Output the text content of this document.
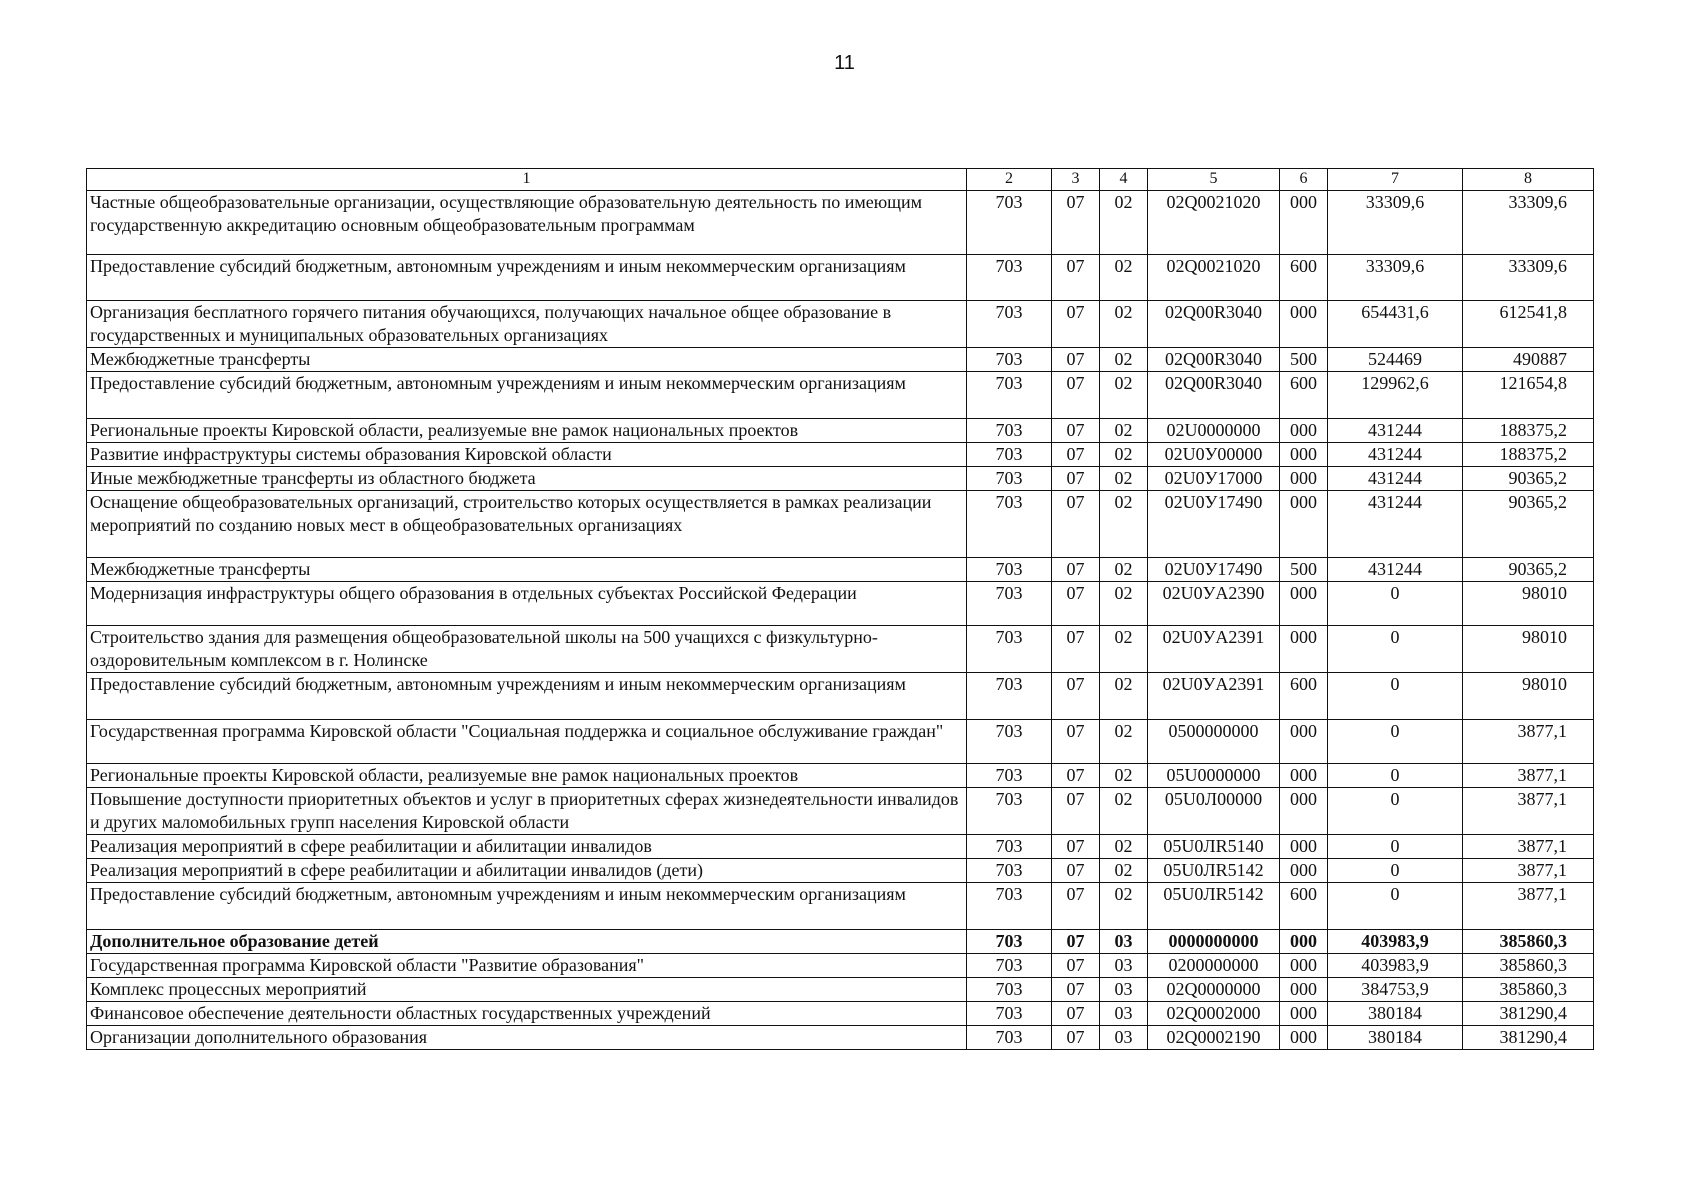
11
1	2	3	4	5	6	7	8
Частные общеобразовательные организации, осуществляющие образовательную деятельность по имеющим государственную аккредитацию основным общеобразовательным программам	703	07	02	02Q0021020	000	33309,6	33309,6
Предоставление субсидий бюджетным, автономным учреждениям и иным некоммерческим организациям	703	07	02	02Q0021020	600	33309,6	33309,6
Организация бесплатного горячего питания обучающихся, получающих начальное общее образование в государственных и муниципальных образовательных организациях	703	07	02	02Q00R3040	000	654431,6	612541,8
Межбюджетные трансферты	703	07	02	02Q00R3040	500	524469	490887
Предоставление субсидий бюджетным, автономным учреждениям и иным некоммерческим организациям	703	07	02	02Q00R3040	600	129962,6	121654,8
Региональные проекты Кировской области, реализуемые вне рамок национальных проектов	703	07	02	02U0000000	000	431244	188375,2
Развитие инфраструктуры системы образования Кировской области	703	07	02	02U0У00000	000	431244	188375,2
Иные межбюджетные трансферты из областного бюджета	703	07	02	02U0У17000	000	431244	90365,2
Оснащение общеобразовательных организаций, строительство которых осуществляется в рамках реализации мероприятий по созданию новых мест в общеобразовательных организациях	703	07	02	02U0У17490	000	431244	90365,2
Межбюджетные трансферты	703	07	02	02U0У17490	500	431244	90365,2
Модернизация инфраструктуры общего образования в отдельных субъектах Российской Федерации	703	07	02	02U0УA2390	000	0	98010
Строительство здания для размещения общеобразовательной школы на 500 учащихся с физкультурно-оздоровительным комплексом в г. Нолинске	703	07	02	02U0УA2391	000	0	98010
Предоставление субсидий бюджетным, автономным учреждениям и иным некоммерческим организациям	703	07	02	02U0УA2391	600	0	98010
Государственная программа Кировской области "Социальная поддержка и социальное обслуживание граждан"	703	07	02	0500000000	000	0	3877,1
Региональные проекты Кировской области, реализуемые вне рамок национальных проектов	703	07	02	05U0000000	000	0	3877,1
Повышение доступности приоритетных объектов и услуг в приоритетных сферах жизнедеятельности инвалидов и других маломобильных групп населения Кировской области	703	07	02	05U0Л00000	000	0	3877,1
Реализация мероприятий в сфере реабилитации и абилитации инвалидов	703	07	02	05U0ЛR5140	000	0	3877,1
Реализация мероприятий в сфере реабилитации и абилитации инвалидов (дети)	703	07	02	05U0ЛR5142	000	0	3877,1
Предоставление субсидий бюджетным, автономным учреждениям и иным некоммерческим организациям	703	07	02	05U0ЛR5142	600	0	3877,1
Дополнительное образование детей	703	07	03	0000000000	000	403983,9	385860,3
Государственная программа Кировской области "Развитие образования"	703	07	03	0200000000	000	403983,9	385860,3
Комплекс процессных мероприятий	703	07	03	02Q0000000	000	384753,9	385860,3
Финансовое обеспечение деятельности областных государственных учреждений	703	07	03	02Q0002000	000	380184	381290,4
Организации дополнительного образования	703	07	03	02Q0002190	000	380184	381290,4
